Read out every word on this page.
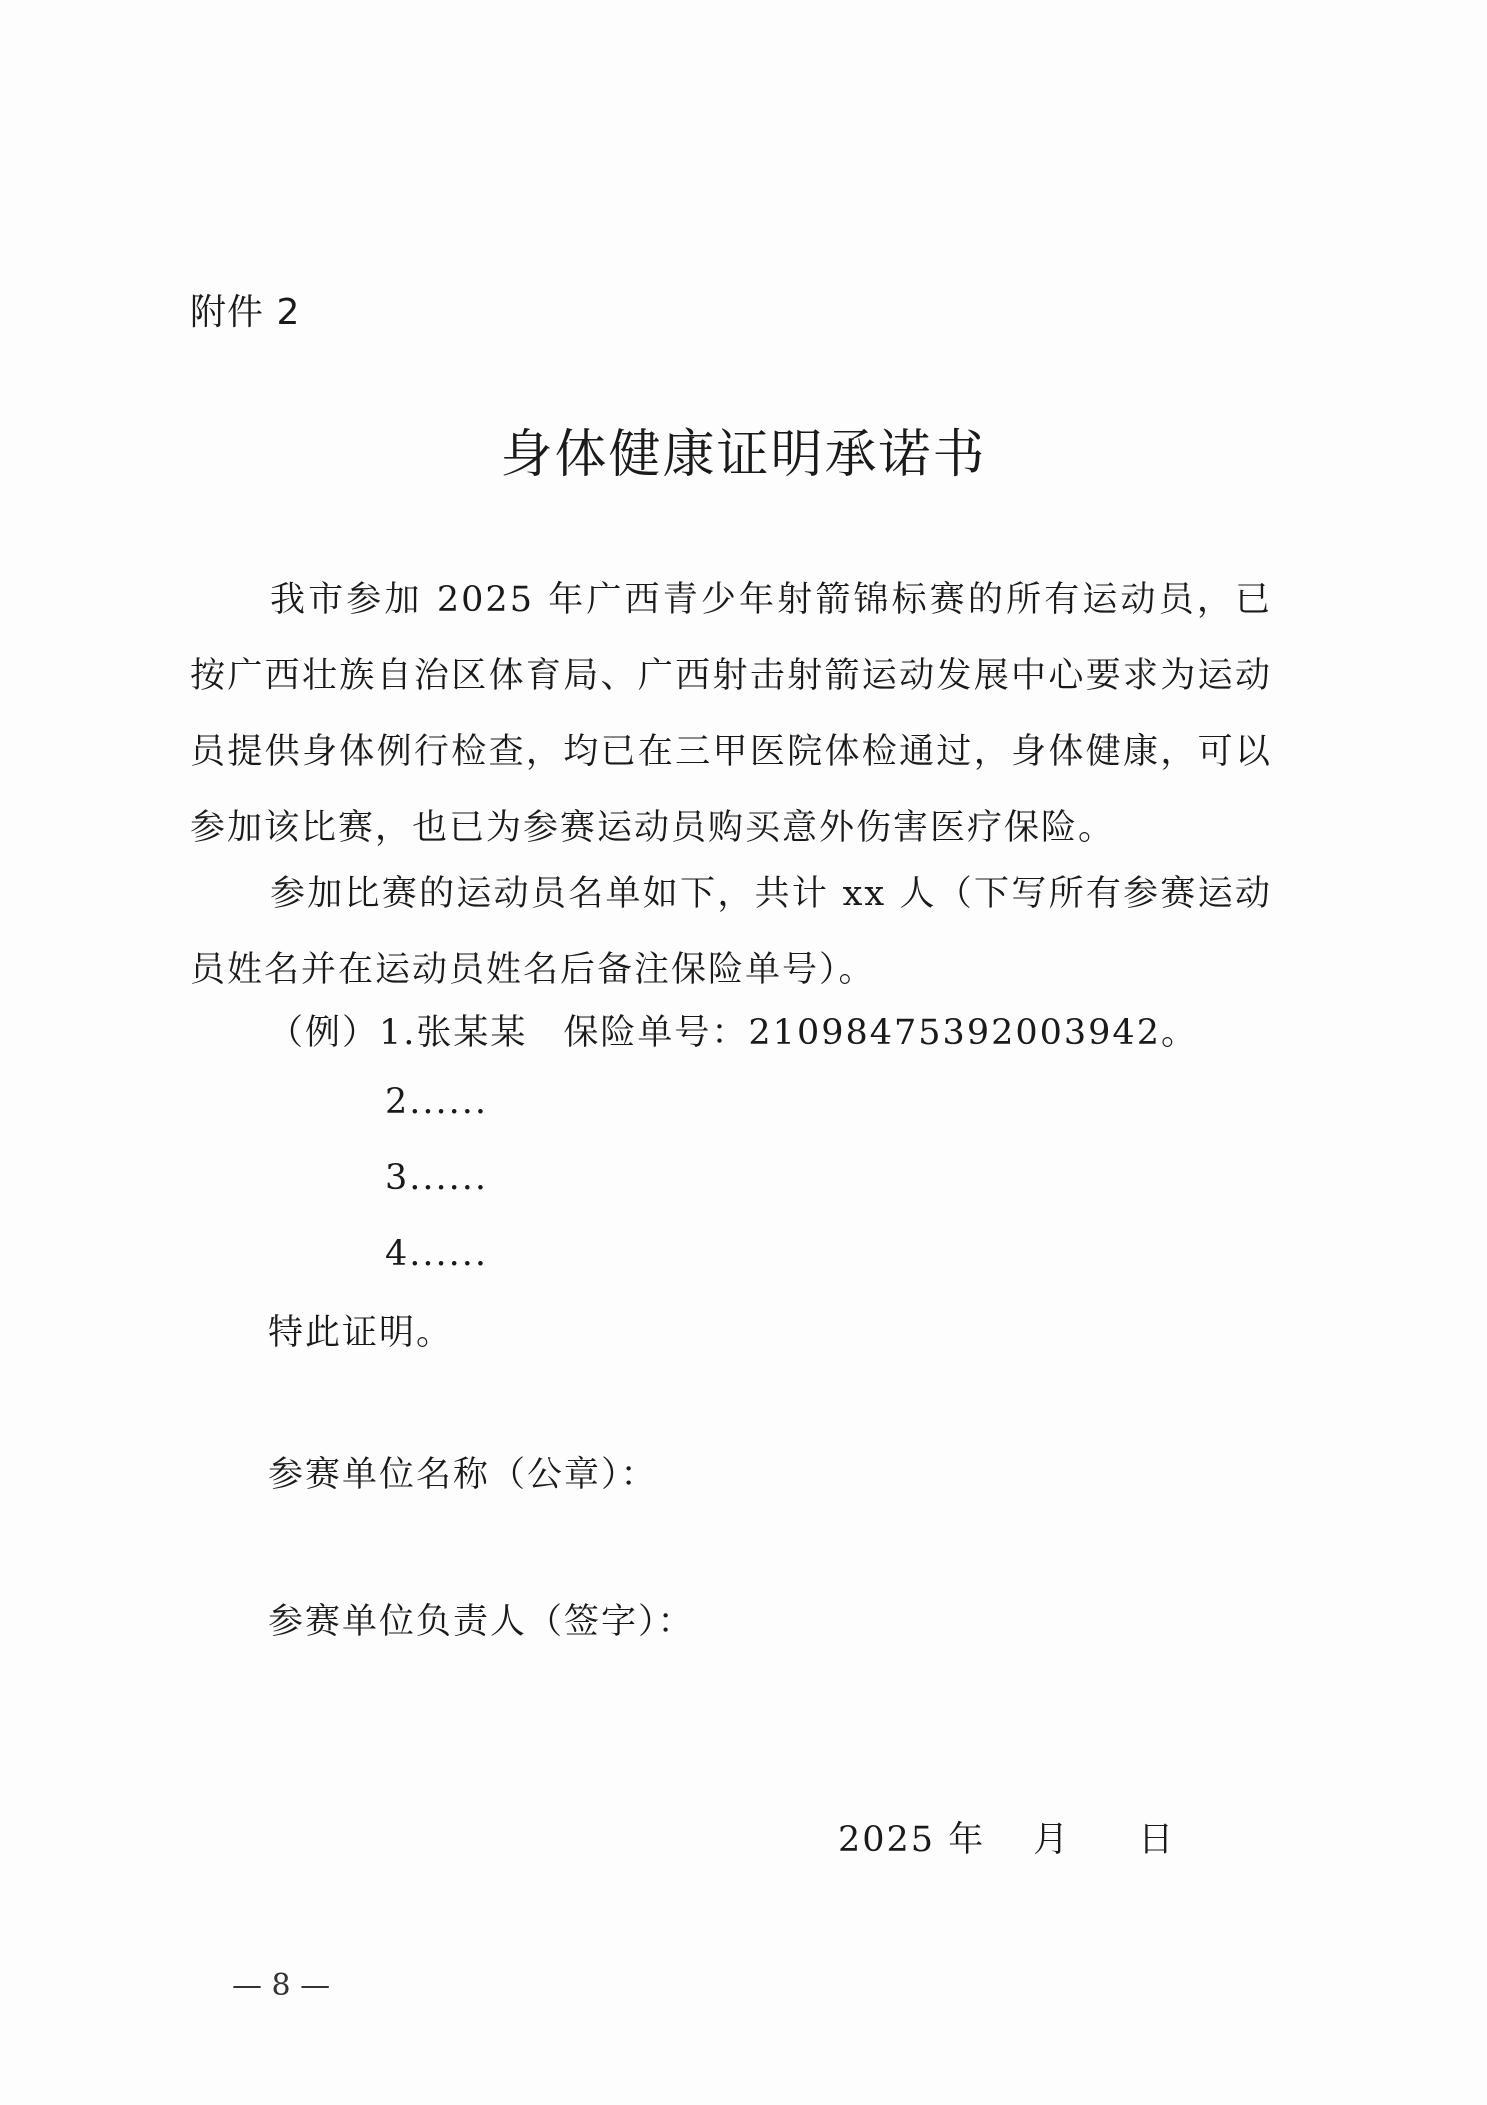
附件 2
身体健康证明承诺书
我市参加 2025 年广西青少年射箭锦标赛的所有运动员，已按广西壮族自治区体育局、广西射击射箭运动发展中心要求为运动员提供身体例行检查，均已在三甲医院体检通过，身体健康，可以参加该比赛，也已为参赛运动员购买意外伤害医疗保险。
参加比赛的运动员名单如下，共计 xx 人（下写所有参赛运动员姓名并在运动员姓名后备注保险单号）。
（例）1.张某某 保险单号：21098475392003942。
2......
3......
4......
特此证明。
参赛单位名称（公章）：
参赛单位负责人（签字）：
2025 年 月 日
— 8 —
